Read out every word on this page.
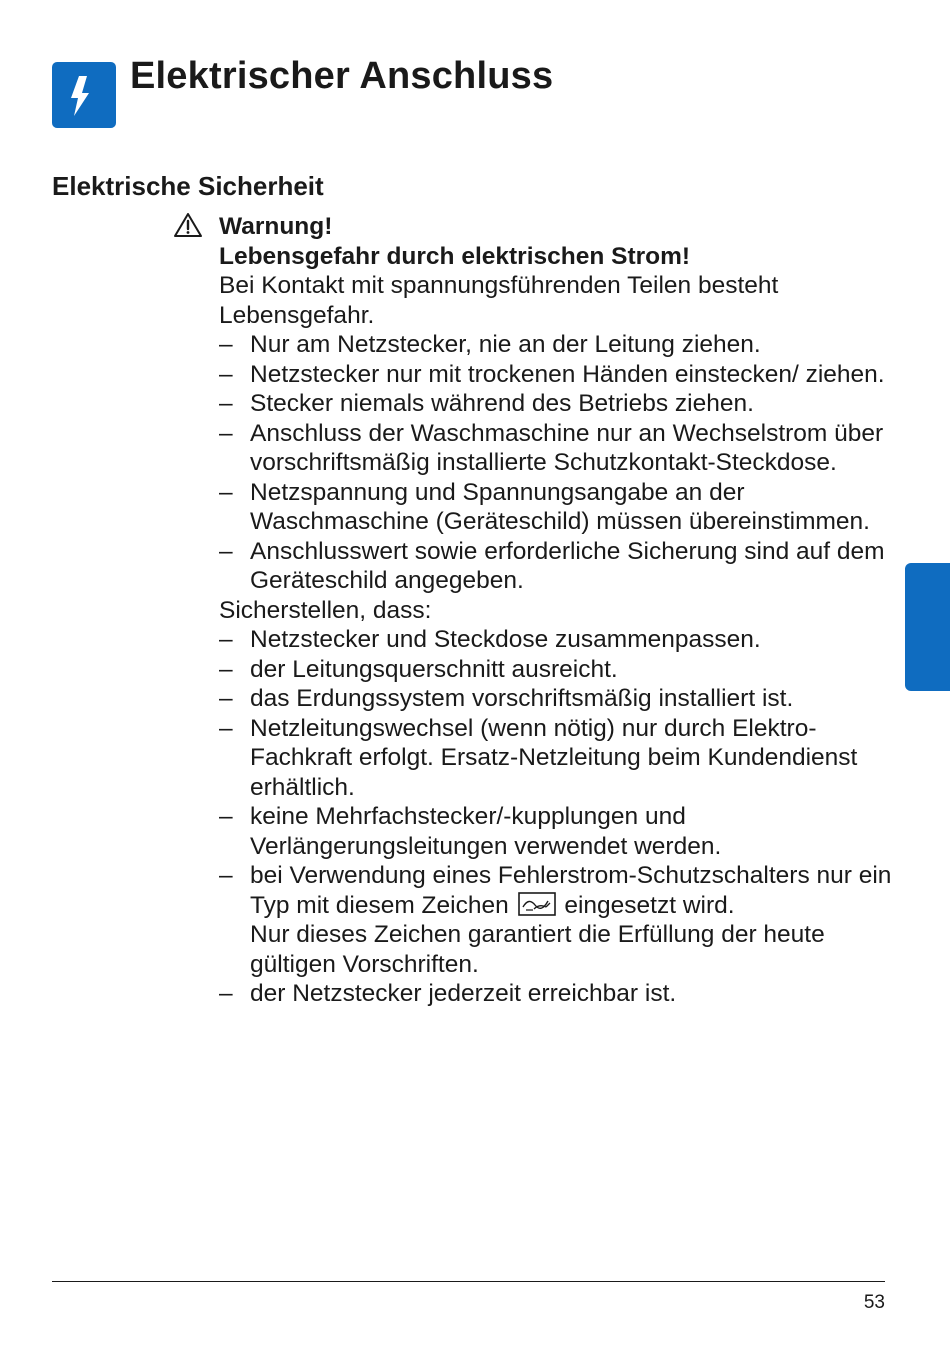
Elektrischer Anschluss
Elektrische Sicherheit

Warnung!

Lebensgefahr durch elektrischen Strom!

Bei Kontakt mit spannungsführenden Teilen besteht Lebensgefahr.

– Nur am Netzstecker, nie an der Leitung ziehen.
– Netzstecker nur mit trockenen Händen einstecken/ ziehen.
– Stecker niemals während des Betriebs ziehen.
– Anschluss der Waschmaschine nur an Wechselstrom über vorschriftsmäßig installierte Schutzkontakt-Steckdose.
– Netzspannung und Spannungsangabe an der Waschmaschine (Geräteschild) müssen übereinstimmen.
– Anschlusswert sowie erforderliche Sicherung sind auf dem Geräteschild angegeben.

Sicherstellen, dass:

– Netzstecker und Steckdose zusammenpassen.
– der Leitungsquerschnitt ausreicht.
– das Erdungssystem vorschriftsmäßig installiert ist.
– Netzleitungswechsel (wenn nötig) nur durch Elektro-Fachkraft erfolgt. Ersatz-Netzleitung beim Kundendienst erhältlich.
– keine Mehrfachstecker/-kupplungen und Verlängerungsleitungen verwendet werden.
– bei Verwendung eines Fehlerstrom-Schutzschalters nur ein Typ mit diesem Zeichen eingesetzt wird.
Nur dieses Zeichen garantiert die Erfüllung der heute gültigen Vorschriften.
– der Netzstecker jederzeit erreichbar ist.
53
